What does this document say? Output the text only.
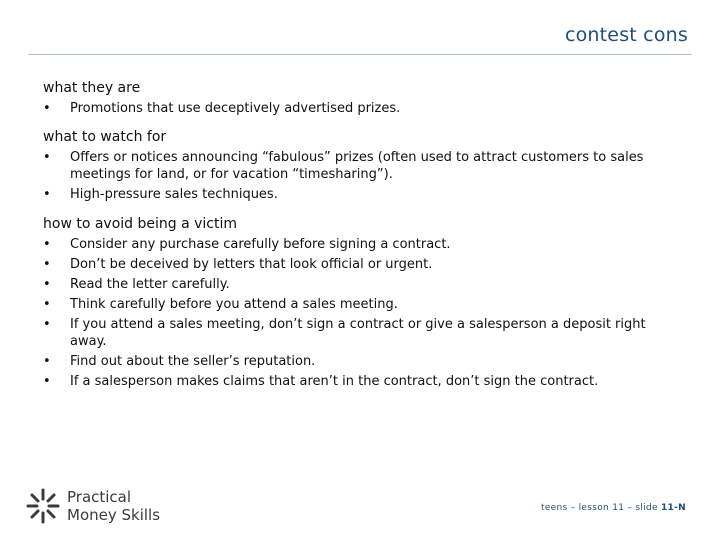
contest cons
what they are
• Promotions that use deceptively advertised prizes.
what to watch for
• Offers or notices announcing “fabulous” prizes (often used to attract customers to sales meetings for land, or for vacation “timesharing”).
• High-pressure sales techniques.
how to avoid being a victim
• Consider any purchase carefully before signing a contract.
• Don’t be deceived by letters that look official or urgent.
• Read the letter carefully.
• Think carefully before you attend a sales meeting.
• If you attend a sales meeting, don’t sign a contract or give a salesperson a deposit right away.
• Find out about the seller’s reputation.
• If a salesperson makes claims that aren’t in the contract, don’t sign the contract.
Practical
Money Skills	teens – lesson 11 – slide 11-N
